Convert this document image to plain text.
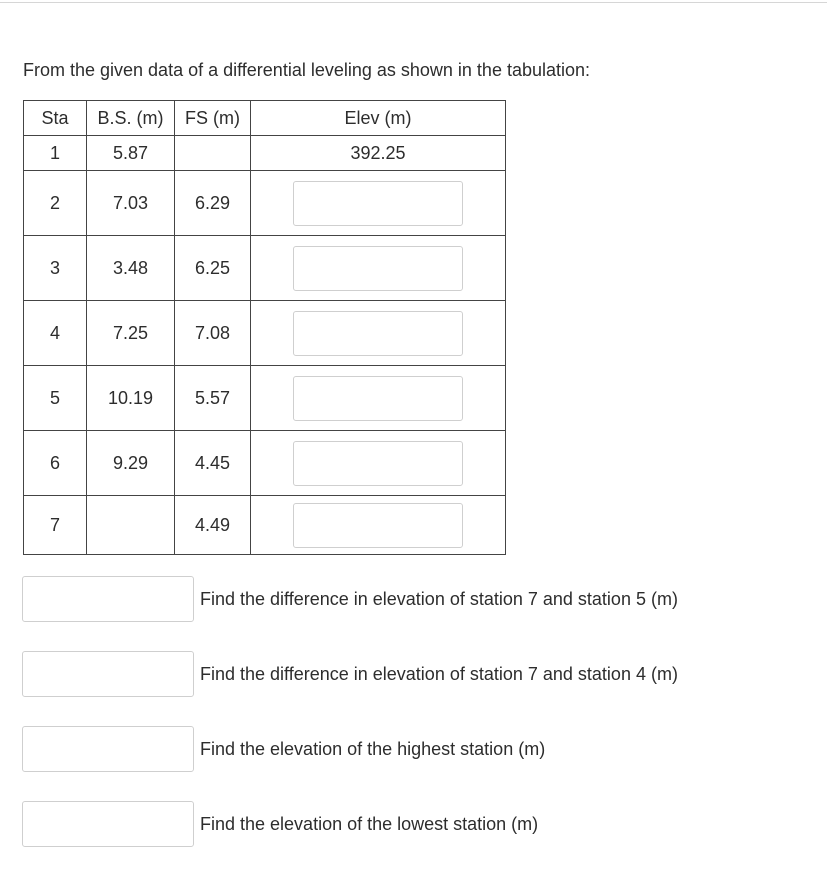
From the given data of a differential leveling as shown in the tabulation:
Sta	B.S. (m)	FS (m)	Elev (m)
1	5.87		392.25
2	7.03	6.29	
3	3.48	6.25	
4	7.25	7.08	
5	10.19	5.57	
6	9.29	4.45	
7		4.49	
Find the difference in elevation of station 7 and station 5 (m)
Find the difference in elevation of station 7 and station 4 (m)
Find the elevation of the highest station (m)
Find the elevation of the lowest station (m)
